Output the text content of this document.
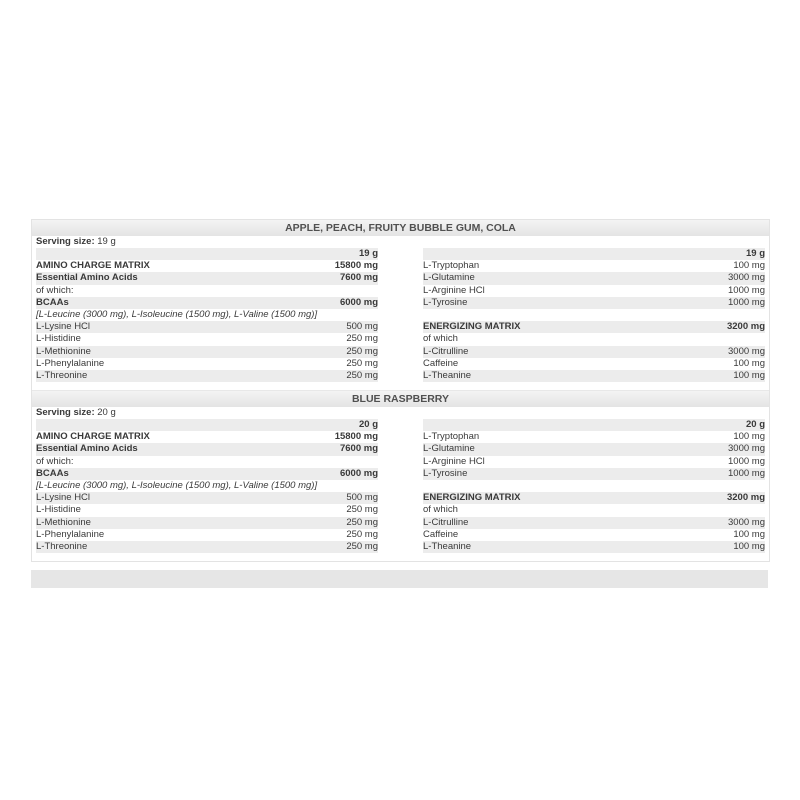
APPLE, PEACH, FRUITY BUBBLE GUM, COLA
Serving size: 19 g
19 g
AMINO CHARGE MATRIX	15800 mg
Essential Amino Acids	7600 mg
of which:
BCAAs	6000 mg
[L-Leucine (3000 mg), L-Isoleucine (1500 mg), L-Valine (1500 mg)]
L-Lysine HCl	500 mg
L-Histidine	250 mg
L-Methionine	250 mg
L-Phenylalanine	250 mg
L-Threonine	250 mg
19 g
L-Tryptophan	100 mg
L-Glutamine	3000 mg
L-Arginine HCl	1000 mg
L-Tyrosine	1000 mg
ENERGIZING MATRIX	3200 mg
of which
L-Citrulline	3000 mg
Caffeine	100 mg
L-Theanine	100 mg
BLUE RASPBERRY
Serving size: 20 g
20 g
AMINO CHARGE MATRIX	15800 mg
Essential Amino Acids	7600 mg
of which:
BCAAs	6000 mg
[L-Leucine (3000 mg), L-Isoleucine (1500 mg), L-Valine (1500 mg)]
L-Lysine HCl	500 mg
L-Histidine	250 mg
L-Methionine	250 mg
L-Phenylalanine	250 mg
L-Threonine	250 mg
20 g
L-Tryptophan	100 mg
L-Glutamine	3000 mg
L-Arginine HCl	1000 mg
L-Tyrosine	1000 mg
ENERGIZING MATRIX	3200 mg
of which
L-Citrulline	3000 mg
Caffeine	100 mg
L-Theanine	100 mg
